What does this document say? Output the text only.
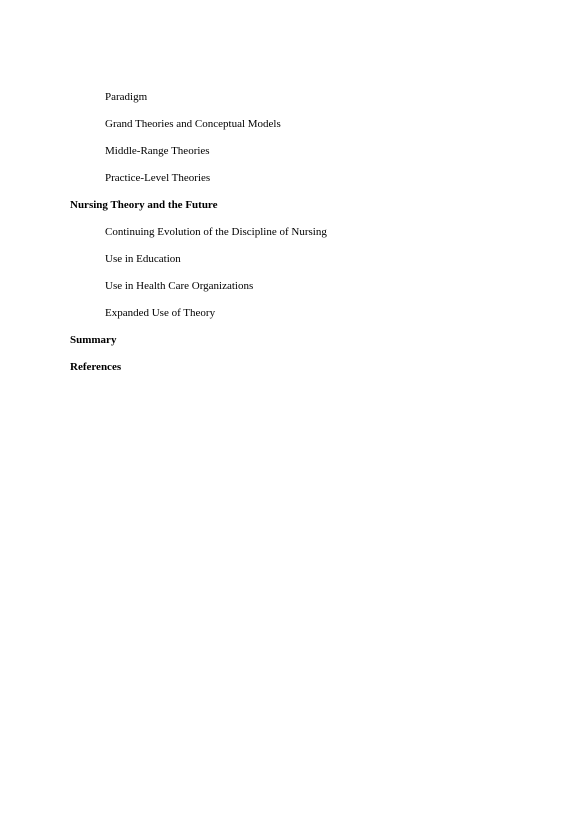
Paradigm
Grand Theories and Conceptual Models
Middle-Range Theories
Practice-Level Theories
Nursing Theory and the Future
Continuing Evolution of the Discipline of Nursing
Use in Education
Use in Health Care Organizations
Expanded Use of Theory
Summary
References
